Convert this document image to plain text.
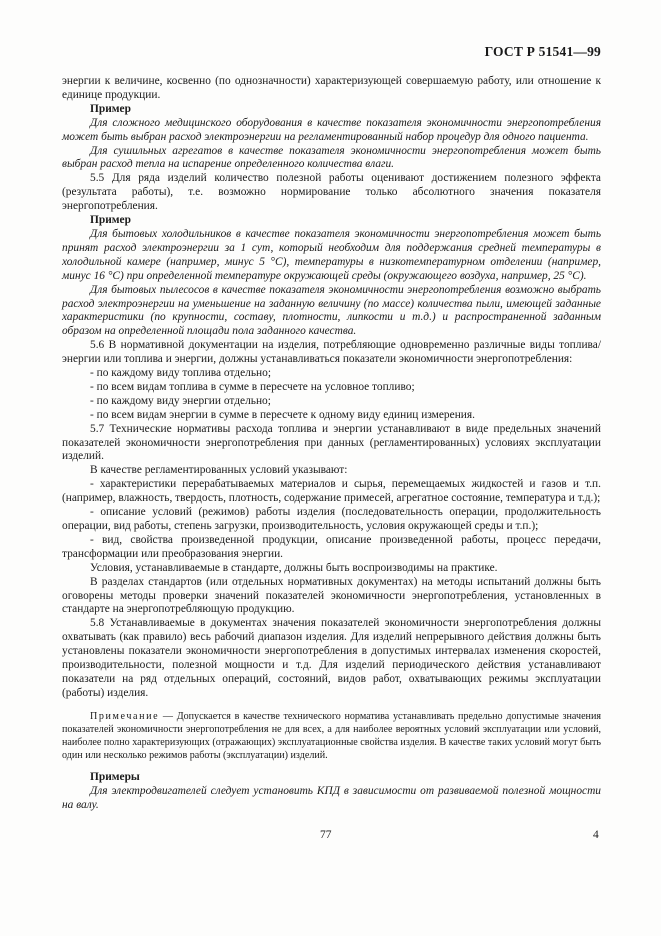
ГОСТ Р 51541—99

энергии к величине, косвенно (по однозначности) характеризующей совершаемую работу, или отношение к единице продукции.

Пример

Для сложного медицинского оборудования в качестве показателя экономичности энергопотребления может быть выбран расход электроэнергии на регламентированный набор процедур для одного пациента.

Для сушильных агрегатов в качестве показателя экономичности энергопотребления может быть выбран расход тепла на испарение определенного количества влаги.

5.5 Для ряда изделий количество полезной работы оценивают достижением полезного эффекта (результата работы), т.е. возможно нормирование только абсолютного значения показателя энергопотребления.

Пример

Для бытовых холодильников в качестве показателя экономичности энергопотребления может быть принят расход электроэнергии за 1 сут, который необходим для поддержания средней температуры в холодильной камере (например, минус 5 °С), температуры в низкотемпературном отделении (например, минус 16 °С) при определенной температуре окружающей среды (окружающего воздуха, например, 25 °С).

Для бытовых пылесосов в качестве показателя экономичности энергопотребления возможно выбрать расход электроэнергии на уменьшение на заданную величину (по массе) количества пыли, имеющей заданные характеристики (по крупности, составу, плотности, липкости и т.д.) и распространенной заданным образом на определенной площади пола заданного качества.

5.6 В нормативной документации на изделия, потребляющие одновременно различные виды топлива/энергии или топлива и энергии, должны устанавливаться показатели экономичности энергопотребления:

- по каждому виду топлива отдельно;

- по всем видам топлива в сумме в пересчете на условное топливо;

- по каждому виду энергии отдельно;

- по всем видам энергии в сумме в пересчете к одному виду единиц измерения.

5.7 Технические нормативы расхода топлива и энергии устанавливают в виде предельных значений показателей экономичности энергопотребления при данных (регламентированных) условиях эксплуатации изделий.

В качестве регламентированных условий указывают:

- характеристики перерабатываемых материалов и сырья, перемещаемых жидкостей и газов и т.п. (например, влажность, твердость, плотность, содержание примесей, агрегатное состояние, температура и т.д.);

- описание условий (режимов) работы изделия (последовательность операции, продолжительность операции, вид работы, степень загрузки, производительность, условия окружающей среды и т.п.);

- вид, свойства произведенной продукции, описание произведенной работы, процесс передачи, трансформации или преобразования энергии.

Условия, устанавливаемые в стандарте, должны быть воспроизводимы на практике.

В разделах стандартов (или отдельных нормативных документах) на методы испытаний должны быть оговорены методы проверки значений показателей экономичности энергопотребления, установленных в стандарте на энергопотребляющую продукцию.

5.8 Устанавливаемые в документах значения показателей экономичности энергопотребления должны охватывать (как правило) весь рабочий диапазон изделия. Для изделий непрерывного действия должны быть установлены показатели экономичности энергопотребления в допустимых интервалах изменения скоростей, производительности, полезной мощности и т.д. Для изделий периодического действия устанавливают показатели на ряд отдельных операций, состояний, видов работ, охватывающих режимы эксплуатации (работы) изделия.

Примечание — Допускается в качестве технического норматива устанавливать предельно допустимые значения показателей экономичности энергопотребления не для всех, а для наиболее вероятных условий эксплуатации или условий, наиболее полно характеризующих (отражающих) эксплуатационные свойства изделия. В качестве таких условий могут быть один или несколько режимов работы (эксплуатации) изделий.

Примеры

Для электродвигателей следует установить КПД в зависимости от развиваемой полезной мощности на валу.

77	4
